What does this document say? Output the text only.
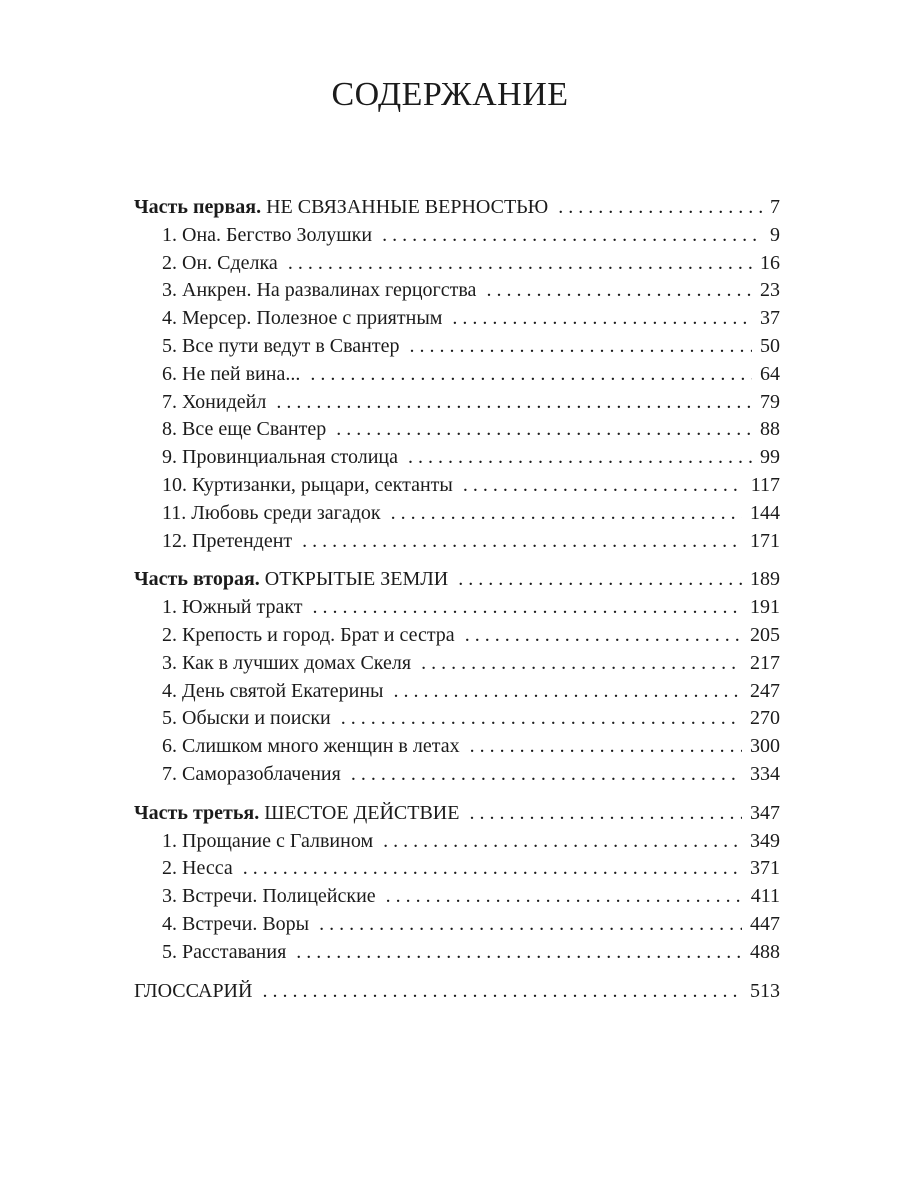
СОДЕРЖАНИЕ
Часть первая. НЕ СВЯЗАННЫЕ ВЕРНОСТЬЮ . . .	7
1. Она. Бегство Золушки . . .	9
2. Он. Сделка . . .	16
3. Анкрен. На развалинах герцогства . . .	23
4. Мерсер. Полезное с приятным . . .	37
5. Все пути ведут в Свантер . . .	50
6. Не пей вина... . . .	64
7. Хонидейл . . .	79
8. Все еще Свантер . . .	88
9. Провинциальная столица . . .	99
10. Куртизанки, рыцари, сектанты . . .	117
11. Любовь среди загадок . . .	144
12. Претендент . . .	171
Часть вторая. ОТКРЫТЫЕ ЗЕМЛИ . . .	189
1. Южный тракт . . .	191
2. Крепость и город. Брат и сестра . . .	205
3. Как в лучших домах Скеля . . .	217
4. День святой Екатерины . . .	247
5. Обыски и поиски . . .	270
6. Слишком много женщин в летах . . .	300
7. Саморазоблачения . . .	334
Часть третья. ШЕСТОЕ ДЕЙСТВИЕ . . .	347
1. Прощание с Галвином . . .	349
2. Несса . . .	371
3. Встречи. Полицейские . . .	411
4. Встречи. Воры . . .	447
5. Расставания . . .	488
ГЛОССАРИЙ . . .	513
